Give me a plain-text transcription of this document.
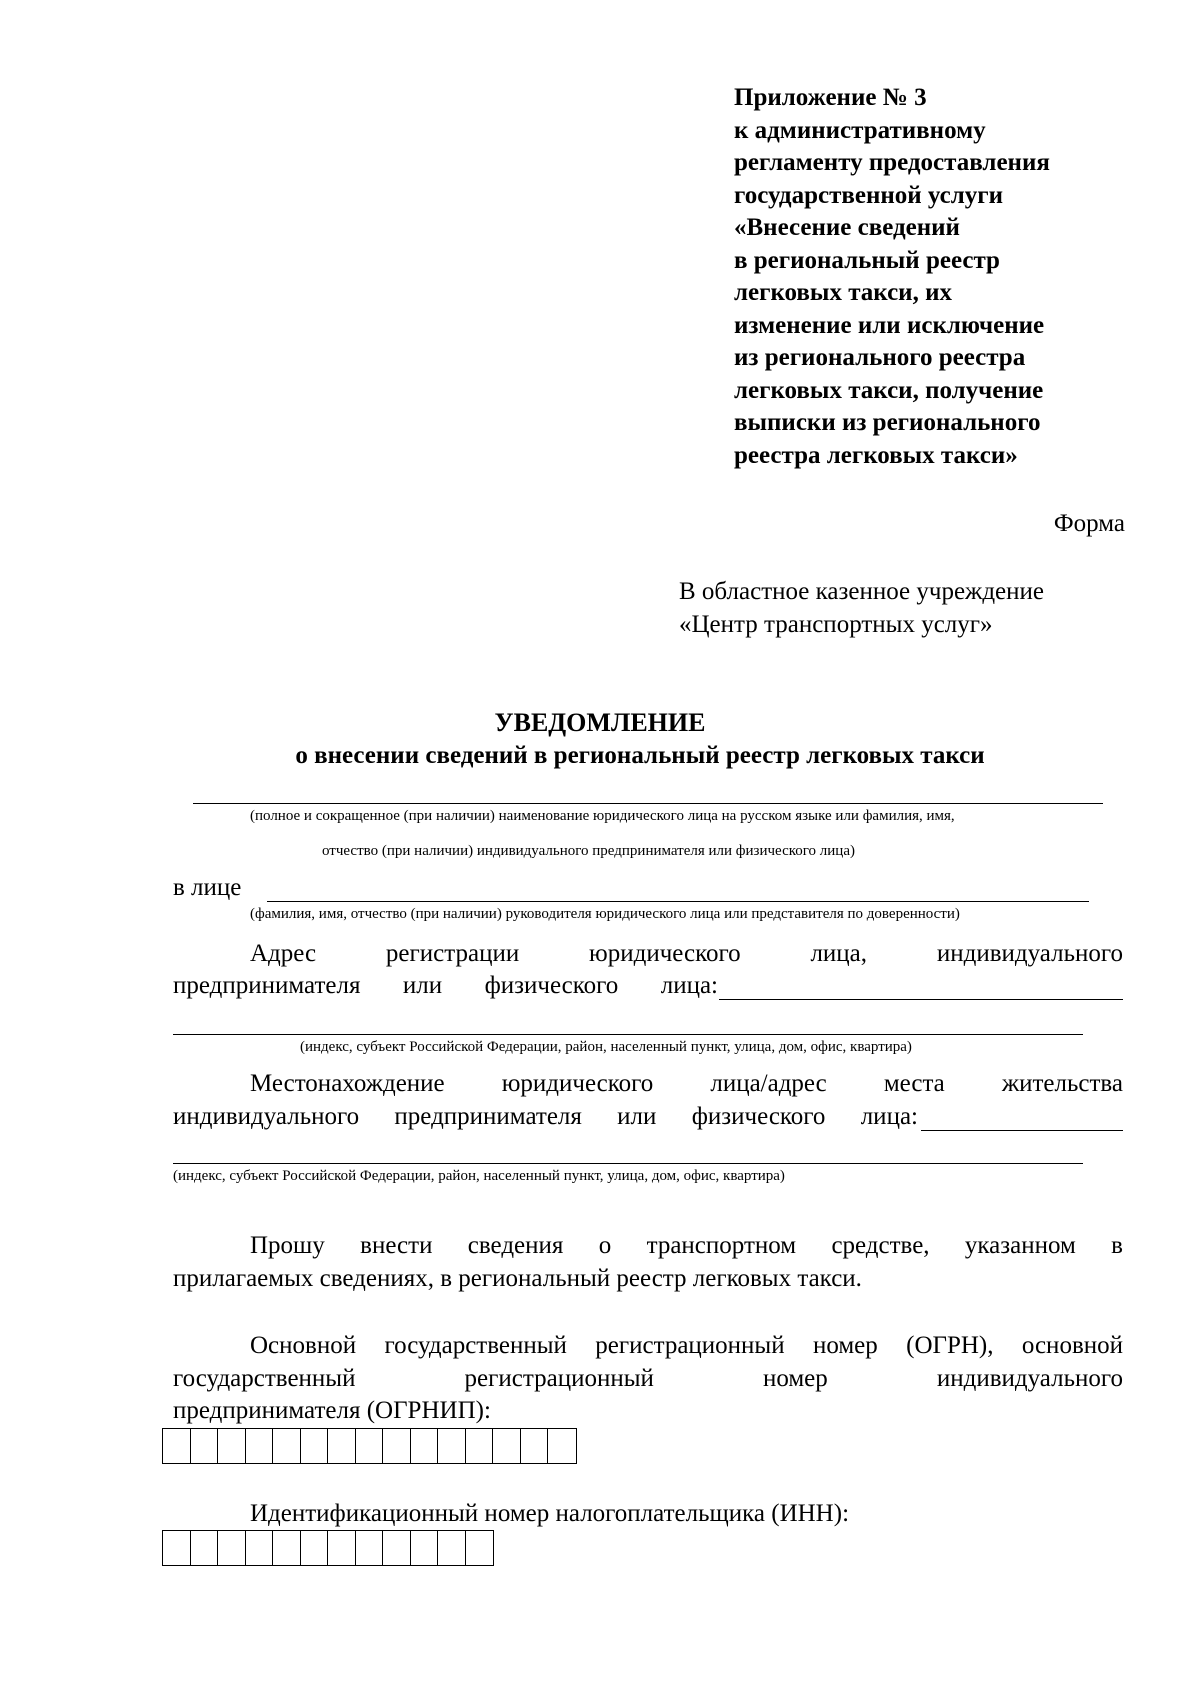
Приложение № 3
к административному
регламенту предоставления
государственной услуги
«Внесение сведений
в региональный реестр
легковых такси, их
изменение или исключение
из регионального реестра
легковых такси, получение
выписки из регионального
реестра легковых такси»
Форма
В областное казенное учреждение
«Центр транспортных услуг»
УВЕДОМЛЕНИЕ
о внесении сведений в региональный реестр легковых такси
(полное и сокращенное (при наличии) наименование юридического лица на русском языке или фамилия, имя,
отчество (при наличии) индивидуального предпринимателя или физического лица)
в лице
(фамилия, имя, отчество (при наличии) руководителя юридического лица или представителя по доверенности)
Адрес регистрации юридического лица, индивидуального
предпринимателя или физического лица:
(индекс, субъект Российской Федерации, район, населенный пункт, улица, дом, офис, квартира)
Местонахождение юридического лица/адрес места жительства
индивидуального предпринимателя или физического лица:
(индекс, субъект Российской Федерации, район, населенный пункт, улица, дом, офис, квартира)
Прошу внести сведения о транспортном средстве, указанном в
прилагаемых сведениях, в региональный реестр легковых такси.
Основной государственный регистрационный номер (ОГРН), основной
государственный регистрационный номер индивидуального
предпринимателя (ОГРНИП):
Идентификационный номер налогоплательщика (ИНН):
